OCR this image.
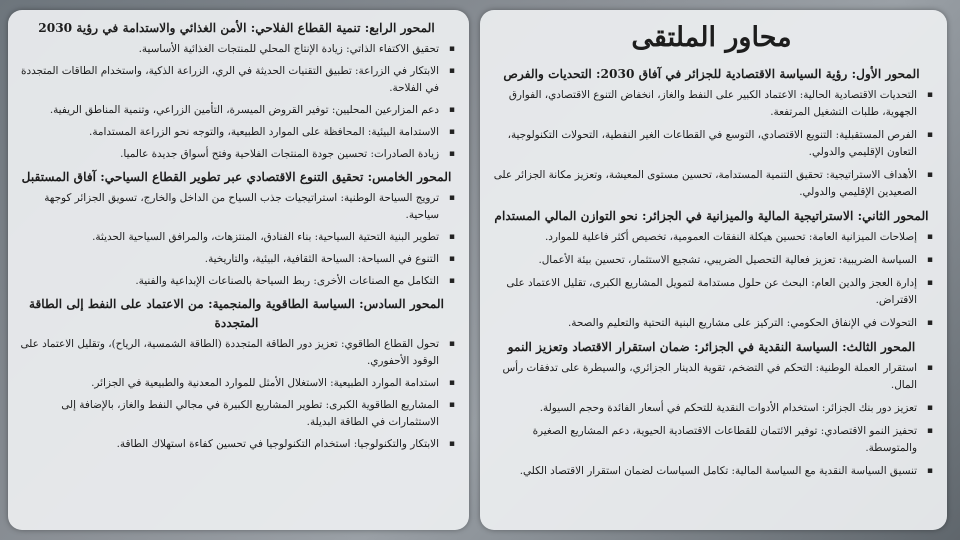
المحور الرابع: تنمية القطاع الفلاحي: الأمن الغذائي والاستدامة في رؤية 2030
▪ تحقيق الاكتفاء الذاتي: زيادة الإنتاج المحلي للمنتجات الغذائية الأساسية.
▪ الابتكار في الزراعة: تطبيق التقنيات الحديثة في الري، الزراعة الذكية، واستخدام الطاقات المتجددة في الفلاحة.
▪ دعم المزارعين المحليين: توفير القروض الميسرة، التأمين الزراعي، وتنمية المناطق الريفية.
▪ الاستدامة البيئية: المحافظة على الموارد الطبيعية، والتوجه نحو الزراعة المستدامة.
▪ زيادة الصادرات: تحسين جودة المنتجات الفلاحية وفتح أسواق جديدة عالميا.
المحور الخامس: تحقيق التنوع الاقتصادي عبر تطوير القطاع السياحي: آفاق المستقبل
▪ ترويج السياحة الوطنية: استراتيجيات جذب السياح من الداخل والخارج، تسويق الجزائر كوجهة سياحية.
▪ تطوير البنية التحتية السياحية: بناء الفنادق، المنتزهات، والمرافق السياحية الحديثة.
▪ التنوع في السياحة: السياحة الثقافية، البيئية، والتاريخية.
▪ التكامل مع الصناعات الأخرى: ربط السياحة بالصناعات الإبداعية والفنية.
المحور السادس: السياسة الطاقوية والمنجمية: من الاعتماد على النفط إلى الطاقة المتجددة
▪ تحول القطاع الطاقوي: تعزيز دور الطاقة المتجددة (الطاقة الشمسية، الرياح)، وتقليل الاعتماد على الوقود الأحفوري.
▪ استدامة الموارد الطبيعية: الاستغلال الأمثل للموارد المعدنية والطبيعية في الجزائر.
▪ المشاريع الطاقوية الكبرى: تطوير المشاريع الكبيرة في مجالي النفط والغاز، بالإضافة إلى الاستثمارات في الطاقة البديلة.
▪ الابتكار والتكنولوجيا: استخدام التكنولوجيا في تحسين كفاءة استهلاك الطاقة.
محاور الملتقى
المحور الأول: رؤية السياسة الاقتصادية للجزائر في آفاق 2030: التحديات والفرص
▪ التحديات الاقتصادية الحالية: الاعتماد الكبير على النفط والغاز، انخفاض التنوع الاقتصادي، الفوارق الجهوية، طلبات التشغيل المرتفعة.
▪ الفرص المستقبلية: التنويع الاقتصادي، التوسع في القطاعات الغير النفطية، التحولات التكنولوجية، التعاون الإقليمي والدولي.
▪ الأهداف الاستراتيجية: تحقيق التنمية المستدامة، تحسين مستوى المعيشة، وتعزيز مكانة الجزائر على الصعيدين الإقليمي والدولي.
المحور الثاني: الاستراتيجية المالية والميزانية في الجزائر: نحو التوازن المالي المستدام
▪ إصلاحات الميزانية العامة: تحسين هيكلة النفقات العمومية، تخصيص أكثر فاعلية للموارد.
▪ السياسة الضريبية: تعزيز فعالية التحصيل الضريبي، تشجيع الاستثمار، تحسين بيئة الأعمال.
▪ إدارة العجز والدين العام: البحث عن حلول مستدامة لتمويل المشاريع الكبرى، تقليل الاعتماد على الاقتراض.
▪ التحولات في الإنفاق الحكومي: التركيز على مشاريع البنية التحتية والتعليم والصحة.
المحور الثالث: السياسة النقدية في الجزائر: ضمان استقرار الاقتصاد وتعزيز النمو
▪ استقرار العملة الوطنية: التحكم في التضخم، تقوية الدينار الجزائري، والسيطرة على تدفقات رأس المال.
▪ تعزيز دور بنك الجزائر: استخدام الأدوات النقدية للتحكم في أسعار الفائدة وحجم السيولة.
▪ تحفيز النمو الاقتصادي: توفير الائتمان للقطاعات الاقتصادية الحيوية، دعم المشاريع الصغيرة والمتوسطة.
▪ تنسيق السياسة النقدية مع السياسة المالية: تكامل السياسات لضمان استقرار الاقتصاد الكلي.
